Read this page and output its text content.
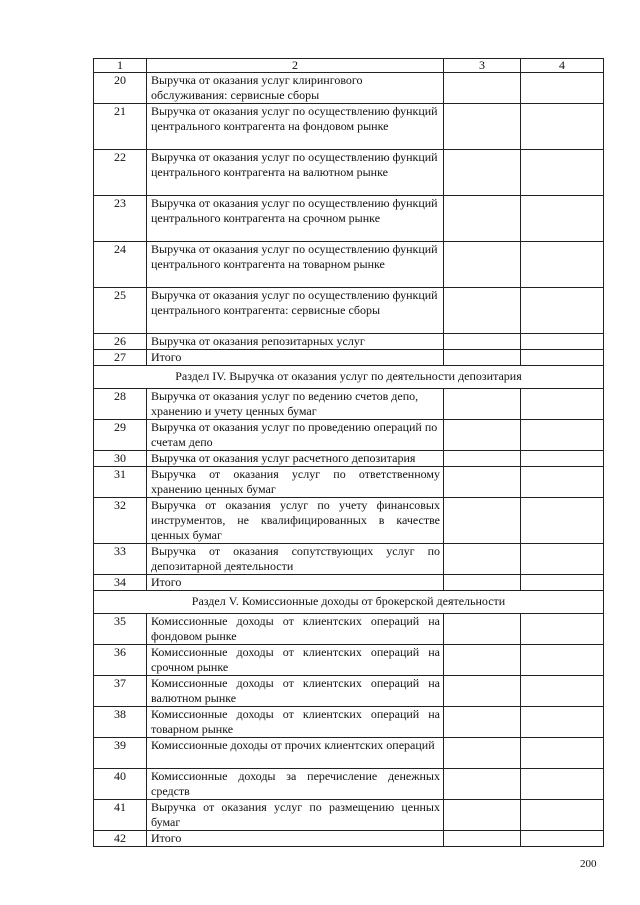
1	2	3	4
20	Выручка от оказания услуг клирингового обслуживания: сервисные сборы		
21	Выручка от оказания услуг по осуществлению функций центрального контрагента на фондовом рынке		
22	Выручка от оказания услуг по осуществлению функций центрального контрагента на валютном рынке		
23	Выручка от оказания услуг по осуществлению функций центрального контрагента на срочном рынке		
24	Выручка от оказания услуг по осуществлению функций центрального контрагента на товарном рынке		
25	Выручка от оказания услуг по осуществлению функций центрального контрагента: сервисные сборы		
26	Выручка от оказания репозитарных услуг		
27	Итого		
Раздел IV. Выручка от оказания услуг по деятельности депозитария			
28	Выручка от оказания услуг по ведению счетов депо, хранению и учету ценных бумаг		
29	Выручка от оказания услуг по проведению операций по счетам депо		
30	Выручка от оказания услуг расчетного депозитария		
31	Выручка от оказания услуг по ответственному хранению ценных бумаг		
32	Выручка от оказания услуг по учету финансовых инструментов, не квалифицированных в качестве ценных бумаг		
33	Выручка от оказания сопутствующих услуг по депозитарной деятельности		
34	Итого		
Раздел V. Комиссионные доходы от брокерской деятельности			
35	Комиссионные доходы от клиентских операций на фондовом рынке		
36	Комиссионные доходы от клиентских операций на срочном рынке		
37	Комиссионные доходы от клиентских операций на валютном рынке		
38	Комиссионные доходы от клиентских операций на товарном рынке		
39	Комиссионные доходы от прочих клиентских операций		
40	Комиссионные доходы за перечисление денежных средств		
41	Выручка от оказания услуг по размещению ценных бумаг		
42	Итого		
200
